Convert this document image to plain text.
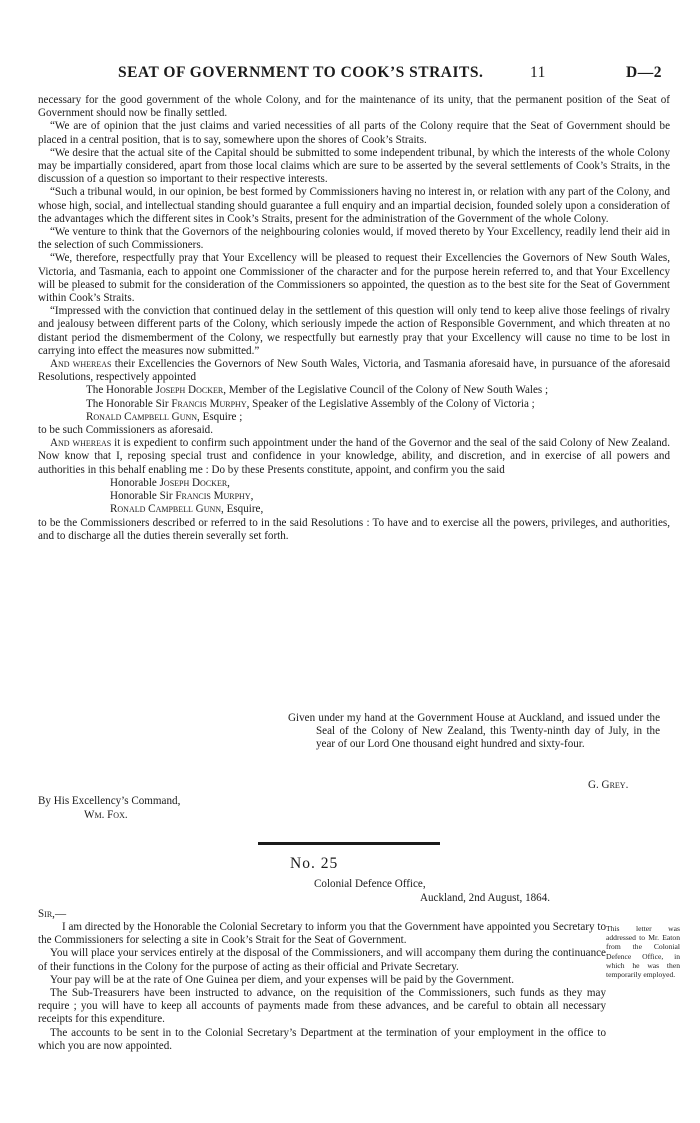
SEAT OF GOVERNMENT TO COOK’S STRAITS.	11	D—2

necessary for the good government of the whole Colony, and for the maintenance of its unity, that the permanent position of the Seat of Government should now be finally settled.

“We are of opinion that the just claims and varied necessities of all parts of the Colony require that the Seat of Government should be placed in a central position, that is to say, somewhere upon the shores of Cook’s Straits.

“We desire that the actual site of the Capital should be submitted to some independent tribunal, by which the interests of the whole Colony may be impartially considered, apart from those local claims which are sure to be asserted by the several settlements of Cook’s Straits, in the discussion of a question so important to their respective interests.

“Such a tribunal would, in our opinion, be best formed by Commissioners having no interest in, or relation with any part of the Colony, and whose high, social, and intellectual standing should guarantee a full enquiry and an impartial decision, founded solely upon a consideration of the advantages which the different sites in Cook’s Straits, present for the administration of the Government of the whole Colony.

“We venture to think that the Governors of the neighbouring colonies would, if moved thereto by Your Excellency, readily lend their aid in the selection of such Commissioners.

“We, therefore, respectfully pray that Your Excellency will be pleased to request their Excellencies the Governors of New South Wales, Victoria, and Tasmania, each to appoint one Commissioner of the character and for the purpose herein referred to, and that Your Excellency will be pleased to submit for the consideration of the Commissioners so appointed, the question as to the best site for the Seat of Government within Cook’s Straits.

“Impressed with the conviction that continued delay in the settlement of this question will only tend to keep alive those feelings of rivalry and jealousy between different parts of the Colony, which seriously impede the action of Responsible Government, and which threaten at no distant period the dismemberment of the Colony, we respectfully but earnestly pray that your Excellency will cause no time to be lost in carrying into effect the measures now submitted.”

And whereas their Excellencies the Governors of New South Wales, Victoria, and Tasmania aforesaid have, in pursuance of the aforesaid Resolutions, respectively appointed

The Honorable Joseph Docker, Member of the Legislative Council of the Colony of New South Wales ;

The Honorable Sir Francis Murphy, Speaker of the Legislative Assembly of the Colony of Victoria ;

Ronald Campbell Gunn, Esquire ;

to be such Commissioners as aforesaid.

And whereas it is expedient to confirm such appointment under the hand of the Governor and the seal of the said Colony of New Zealand. Now know that I, reposing special trust and confidence in your knowledge, ability, and discretion, and in exercise of all powers and authorities in this behalf enabling me : Do by these Presents constitute, appoint, and confirm you the said

Honorable Joseph Docker,

Honorable Sir Francis Murphy,

Ronald Campbell Gunn, Esquire,

to be the Commissioners described or referred to in the said Resolutions : To have and to exercise all the powers, privileges, and authorities, and to discharge all the duties therein severally set forth.

Given under my hand at the Government House at Auckland, and issued under the Seal of the Colony of New Zealand, this Twenty-ninth day of July, in the year of our Lord One thousand eight hundred and sixty-four.
G. Grey.
By His Excellency’s Command,
Wm. Fox.
No. 25
Colonial Defence Office,
Auckland, 2nd August, 1864.
Sir,—

I am directed by the Honorable the Colonial Secretary to inform you that the Government have appointed you Secretary to the Commissioners for selecting a site in Cook’s Strait for the Seat of Government.

You will place your services entirely at the disposal of the Commissioners, and will accompany them during the continuance of their functions in the Colony for the purpose of acting as their official and Private Secretary.

Your pay will be at the rate of One Guinea per diem, and your expenses will be paid by the Government.

The Sub-Treasurers have been instructed to advance, on the requisition of the Commissioners, such funds as they may require ; you will have to keep all accounts of payments made from these advances, and be careful to obtain all necessary receipts for this expenditure.

The accounts to be sent in to the Colonial Secretary’s Department at the termination of your employment in the office to which you are now appointed.

This letter was addressed to Mr. Eaton from the Colonial Defence Office, in which he was then temporarily employed.
